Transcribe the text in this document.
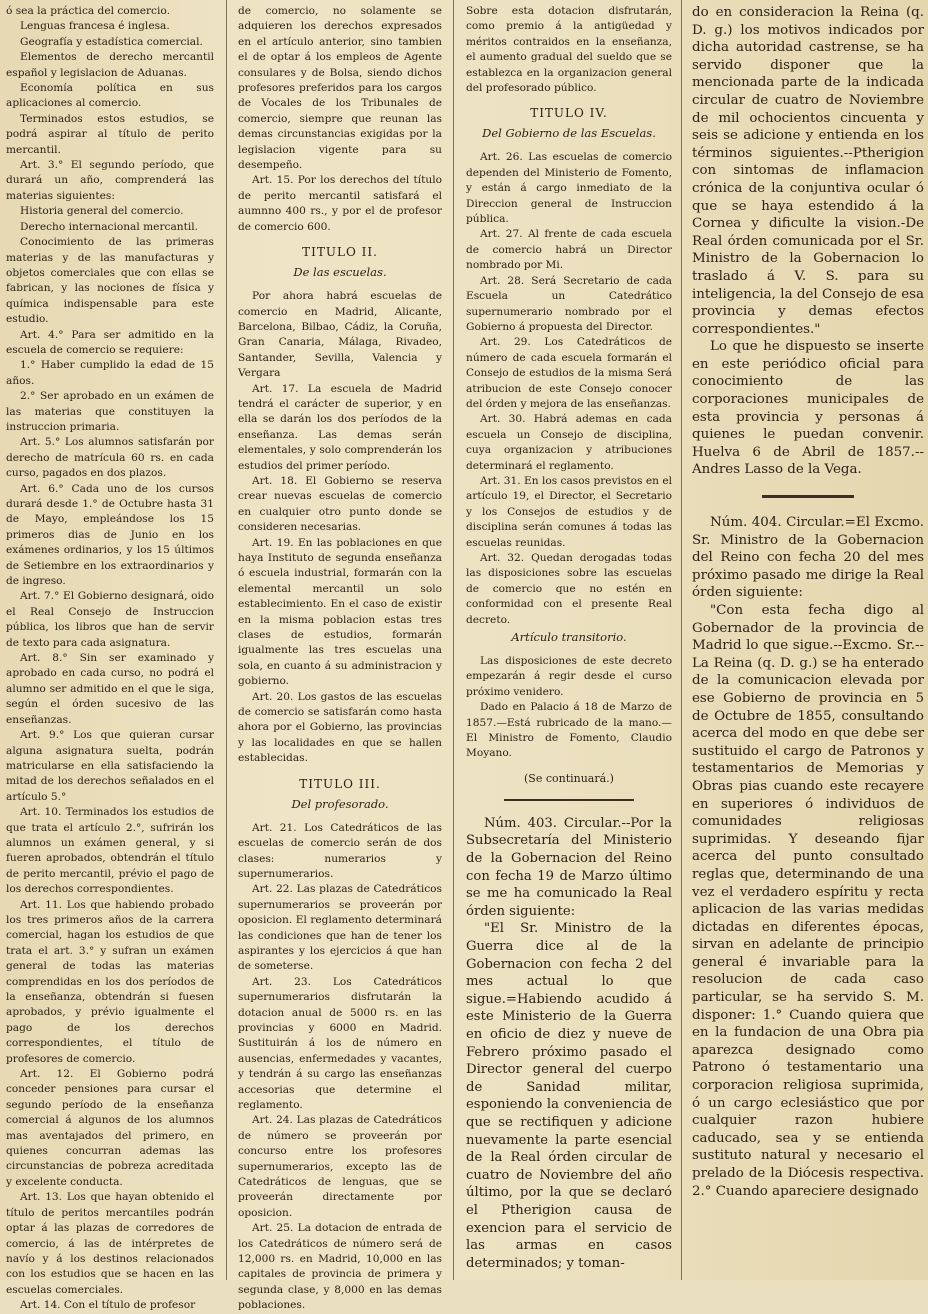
ó sea la práctica del comercio.

Lenguas francesa é inglesa.

Geografía y estadística comercial.

Elementos de derecho mercantil español y legislacion de Aduanas.

Economía política en sus aplicaciones al comercio.

Terminados estos estudios, se podrá aspirar al título de perito mercantil.

Art. 3.° El segundo período, que durará un año, comprenderá las materias siguientes:

Historia general del comercio.

Derecho internacional mercantil.

Conocimiento de las primeras materias y de las manufacturas y objetos comerciales que con ellas se fabrican, y las nociones de física y química indispensable para este estudio.

Art. 4.° Para ser admitido en la escuela de comercio se requiere:

1.° Haber cumplido la edad de 15 años.

2.° Ser aprobado en un exámen de las materias que constituyen la instruccion primaria.

Art. 5.° Los alumnos satisfarán por derecho de matrícula 60 rs. en cada curso, pagados en dos plazos.

Art. 6.° Cada uno de los cursos durará desde 1.° de Octubre hasta 31 de Mayo, empleándose los 15 primeros dias de Junio en los exámenes ordinarios, y los 15 últimos de Setiembre en los extraordinarios y de ingreso.

Art. 7.° El Gobierno designará, oido el Real Consejo de Instruccion pública, los libros que han de servir de texto para cada asignatura.

Art. 8.° Sin ser examinado y aprobado en cada curso, no podrá el alumno ser admitido en el que le siga, según el órden sucesivo de las enseñanzas.

Art. 9.° Los que quieran cursar alguna asignatura suelta, podrán matricularse en ella satisfaciendo la mitad de los derechos señalados en el artículo 5.°

Art. 10. Terminados los estudios de que trata el artículo 2.°, sufrirán los alumnos un exámen general, y si fueren aprobados, obtendrán el título de perito mercantil, prévio el pago de los derechos correspondientes.

Art. 11. Los que habiendo probado los tres primeros años de la carrera comercial, hagan los estudios de que trata el art. 3.° y sufran un exámen general de todas las materias comprendidas en los dos períodos de la enseñanza, obtendrán si fuesen aprobados, y prévio igualmente el pago de los derechos correspondientes, el título de profesores de comercio.

Art. 12. El Gobierno podrá conceder pensiones para cursar el segundo período de la enseñanza comercial á algunos de los alumnos mas aventajados del primero, en quienes concurran ademas las circunstancias de pobreza acreditada y excelente conducta.

Art. 13. Los que hayan obtenido el título de peritos mercantiles podrán optar á las plazas de corredores de comercio, á las de intérpretes de navío y á los destinos relacionados con los estudios que se hacen en las escuelas comerciales.

Art. 14. Con el título de profesor

de comercio, no solamente se adquieren los derechos expresados en el artículo anterior, sino tambien el de optar á los empleos de Agente consulares y de Bolsa, siendo dichos profesores preferidos para los cargos de Vocales de los Tribunales de comercio, siempre que reunan las demas circunstancias exigidas por la legislacion vigente para su desempeño.

Art. 15. Por los derechos del título de perito mercantil satisfará el aumnno 400 rs., y por el de profesor de comercio 600.

TITULO II.
De las escuelas.

Por ahora habrá escuelas de comercio en Madrid, Alicante, Barcelona, Bilbao, Cádiz, la Coruña, Gran Canaria, Málaga, Rivadeo, Santander, Sevilla, Valencia y Vergara

Art. 17. La escuela de Madrid tendrá el carácter de superior, y en ella se darán los dos períodos de la enseñanza. Las demas serán elementales, y solo comprenderán los estudios del primer período.

Art. 18. El Gobierno se reserva crear nuevas escuelas de comercio en cualquier otro punto donde se consideren necesarias.

Art. 19. En las poblaciones en que haya Instituto de segunda enseñanza ó escuela industrial, formarán con la elemental mercantil un solo establecimiento. En el caso de existir en la misma poblacion estas tres clases de estudios, formarán igualmente las tres escuelas una sola, en cuanto á su administracion y gobierno.

Art. 20. Los gastos de las escuelas de comercio se satisfarán como hasta ahora por el Gobierno, las provincias y las localidades en que se hallen establecidas.

TITULO III.
Del profesorado.

Art. 21. Los Catedráticos de las escuelas de comercio serán de dos clases: numerarios y supernumerarios.

Art. 22. Las plazas de Catedráticos supernumerarios se proveerán por oposicion. El reglamento determinará las condiciones que han de tener los aspirantes y los ejercicios á que han de someterse.

Art. 23. Los Catedráticos supernumerarios disfrutarán la dotacion anual de 5000 rs. en las provincias y 6000 en Madrid. Sustituirán á los de número en ausencias, enfermedades y vacantes, y tendrán á su cargo las enseñanzas accesorias que determine el reglamento.

Art. 24. Las plazas de Catedráticos de número se proveerán por concurso entre los profesores supernumerarios, excepto las de Catedráticos de lenguas, que se proveerán directamente por oposicion.

Art. 25. La dotacion de entrada de los Catedráticos de número será de 12,000 rs. en Madrid, 10,000 en las capitales de provincia de primera y segunda clase, y 8,000 en las demas poblaciones.

Sobre esta dotacion disfrutarán, como premio á la antigüedad y méritos contraidos en la enseñanza, el aumento gradual del sueldo que se establezca en la organizacion general del profesorado público.

TITULO IV.
Del Gobierno de las Escuelas.

Art. 26. Las escuelas de comercio dependen del Ministerio de Fomento, y están á cargo inmediato de la Direccion general de Instruccion pública.

Art. 27. Al frente de cada escuela de comercio habrá un Director nombrado por Mi.

Art. 28. Será Secretario de cada Escuela un Catedrático supernumerario nombrado por el Gobierno á propuesta del Director.

Art. 29. Los Catedráticos de número de cada escuela formarán el Consejo de estudios de la misma Será atribucion de este Consejo conocer del órden y mejora de las enseñanzas.

Art. 30. Habrá ademas en cada escuela un Consejo de disciplina, cuya organizacion y atribuciones determinará el reglamento.

Art. 31. En los casos previstos en el artículo 19, el Director, el Secretario y los Consejos de estudios y de disciplina serán comunes á todas las escuelas reunidas.

Art. 32. Quedan derogadas todas las disposiciones sobre las escuelas de comercio que no estén en conformidad con el presente Real decreto.

Artículo transitorio.

Las disposiciones de este decreto empezarán á regir desde el curso próximo venidero.

Dado en Palacio á 18 de Marzo de 1857.—Está rubricado de la mano.—El Ministro de Fomento, Claudio Moyano.

(Se continuará.)

Núm. 403. Circular.--Por la Subsecretaría del Ministerio de la Gobernacion del Reino con fecha 19 de Marzo último se me ha comunicado la Real órden siguiente:

"El Sr. Ministro de la Guerra dice al de la Gobernacion con fecha 2 del mes actual lo que sigue.=Habiendo acudido á este Ministerio de la Guerra en oficio de diez y nueve de Febrero próximo pasado el Director general del cuerpo de Sanidad militar, esponiendo la conveniencia de que se rectifiquen y adicione nuevamente la parte esencial de la Real órden circular de cuatro de Noviembre del año último, por la que se declaró el Ptherigion causa de exencion para el servicio de las armas en casos determinados; y toman-

do en consideracion la Reina (q. D. g.) los motivos indicados por dicha autoridad castrense, se ha servido disponer que la mencionada parte de la indicada circular de cuatro de Noviembre de mil ochocientos cincuenta y seis se adicione y entienda en los términos siguientes.--Ptherigion con sintomas de inflamacion crónica de la conjuntiva ocular ó que se haya estendido á la Cornea y dificulte la vision.-De Real órden comunicada por el Sr. Ministro de la Gobernacion lo traslado á V. S. para su inteligencia, la del Consejo de esa provincia y demas efectos correspondientes."

Lo que he dispuesto se inserte en este periódico oficial para conocimiento de las corporaciones municipales de esta provincia y personas á quienes le puedan convenir. Huelva 6 de Abril de 1857.--Andres Lasso de la Vega.

Núm. 404. Circular.=El Excmo. Sr. Ministro de la Gobernacion del Reino con fecha 20 del mes próximo pasado me dirige la Real órden siguiente:

"Con esta fecha digo al Gobernador de la provincia de Madrid lo que sigue.--Excmo. Sr.--La Reina (q. D. g.) se ha enterado de la comunicacion elevada por ese Gobierno de provincia en 5 de Octubre de 1855, consultando acerca del modo en que debe ser sustituido el cargo de Patronos y testamentarios de Memorias y Obras pias cuando este recayere en superiores ó individuos de comunidades religiosas suprimidas. Y deseando fijar acerca del punto consultado reglas que, determinando de una vez el verdadero espíritu y recta aplicacion de las varias medidas dictadas en diferentes épocas, sirvan en adelante de principio general é invariable para la resolucion de cada caso particular, se ha servido S. M. disponer: 1.° Cuando quiera que en la fundacion de una Obra pia aparezca designado como Patrono ó testamentario una corporacion religiosa suprimida, ó un cargo eclesiástico que por cualquier razon hubiere caducado, sea y se entienda sustituto natural y necesario el prelado de la Diócesis respectiva. 2.° Cuando apareciere designado
